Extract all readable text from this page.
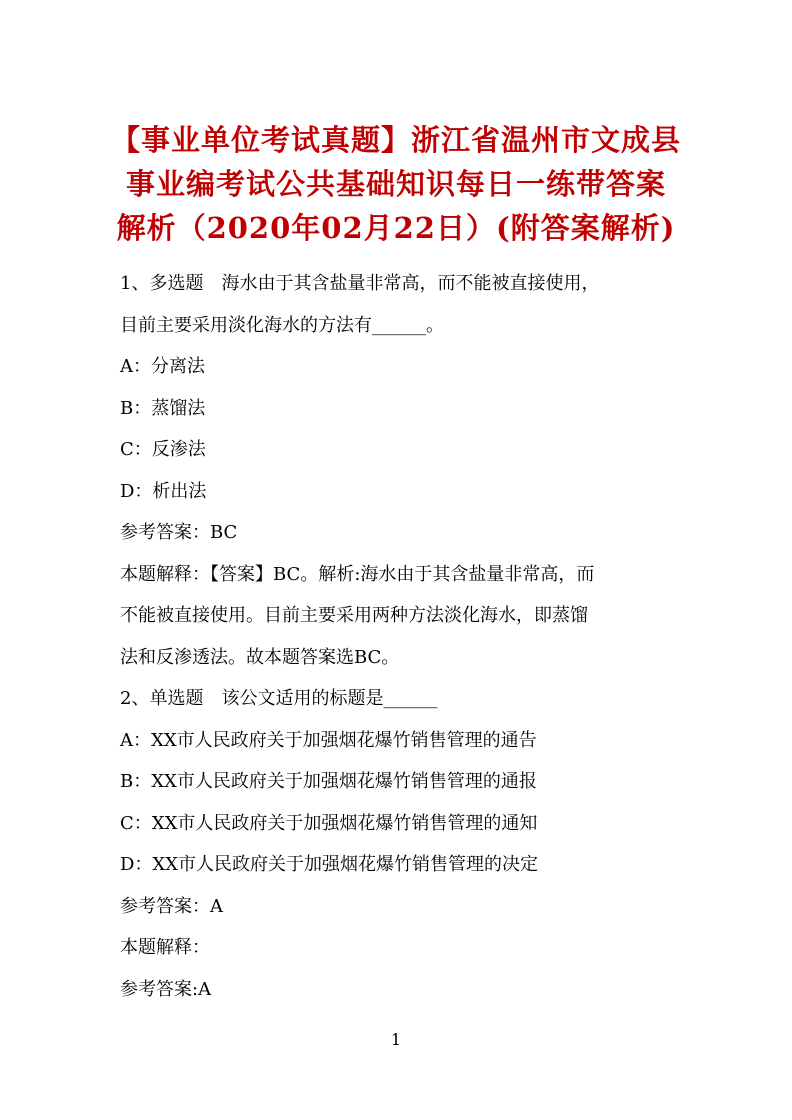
【事业单位考试真题】浙江省温州市文成县
事业编考试公共基础知识每日一练带答案
解析（2020年02月22日）(附答案解析)
1、多选题　海水由于其含盐量非常高，而不能被直接使用，
目前主要采用淡化海水的方法有______。
A：分离法
B：蒸馏法
C：反渗法
D：析出法
参考答案：BC
本题解释：【答案】BC。解析:海水由于其含盐量非常高，而
不能被直接使用。目前主要采用两种方法淡化海水，即蒸馏
法和反渗透法。故本题答案选BC。
2、单选题　该公文适用的标题是______
A：XX市人民政府关于加强烟花爆竹销售管理的通告
B：XX市人民政府关于加强烟花爆竹销售管理的通报
C：XX市人民政府关于加强烟花爆竹销售管理的通知
D：XX市人民政府关于加强烟花爆竹销售管理的决定
参考答案：A
本题解释：
参考答案:A
1
